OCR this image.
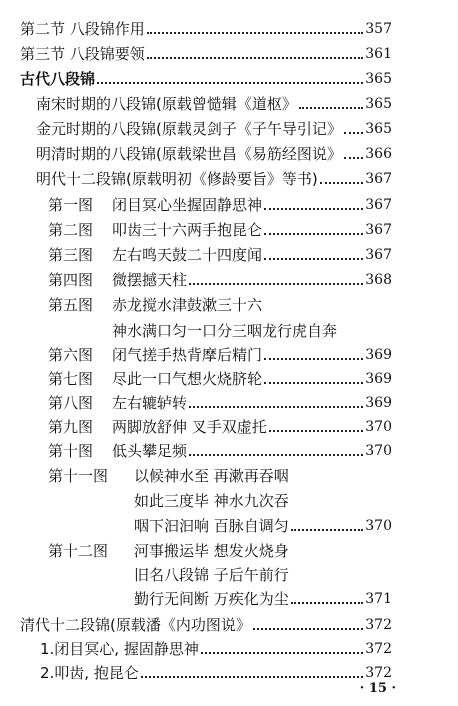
第二节 八段锦作用	357
第三节 八段锦要领	361
古代八段锦	365
南宋时期的八段锦(原载曾慥辑《道枢》	365
金元时期的八段锦(原载灵剑子《子午导引记》 365
明清时期的八段锦(原载梁世昌《易筋经图说》 366
明代十二段锦(原载明初《修龄要旨》等书)	367
第一图 闭目冥心坐握固静思神	367
第二图 叩齿三十六两手抱昆仑	367
第三图 左右鸣天鼓二十四度闻	367
第四图 微摆撼天柱	368
第五图	赤龙搅水津鼓漱三十六
神水满口匀一口分三咽龙行虎自奔
第六图 闭气搓手热背摩后精门	369
第七图 尽此一口气想火烧脐轮	369
第八图 左右辘轳转	369
第九图 两脚放舒伸 叉手双虚托	370
第十图 低头攀足频	370
第十一图	以候神水至 再漱再吞咽
如此三度毕 神水九次吞
咽下汩汩响 百脉自调匀	370
第十二图	河事搬运毕 想发火烧身
旧名八段锦 子后午前行
勤行无间断 万疾化为尘	371
清代十二段锦(原载潘《内功图说》	372
1.闭目冥心, 握固静思神	372
2.叩齿, 抱昆仑	372
· 15 ·
